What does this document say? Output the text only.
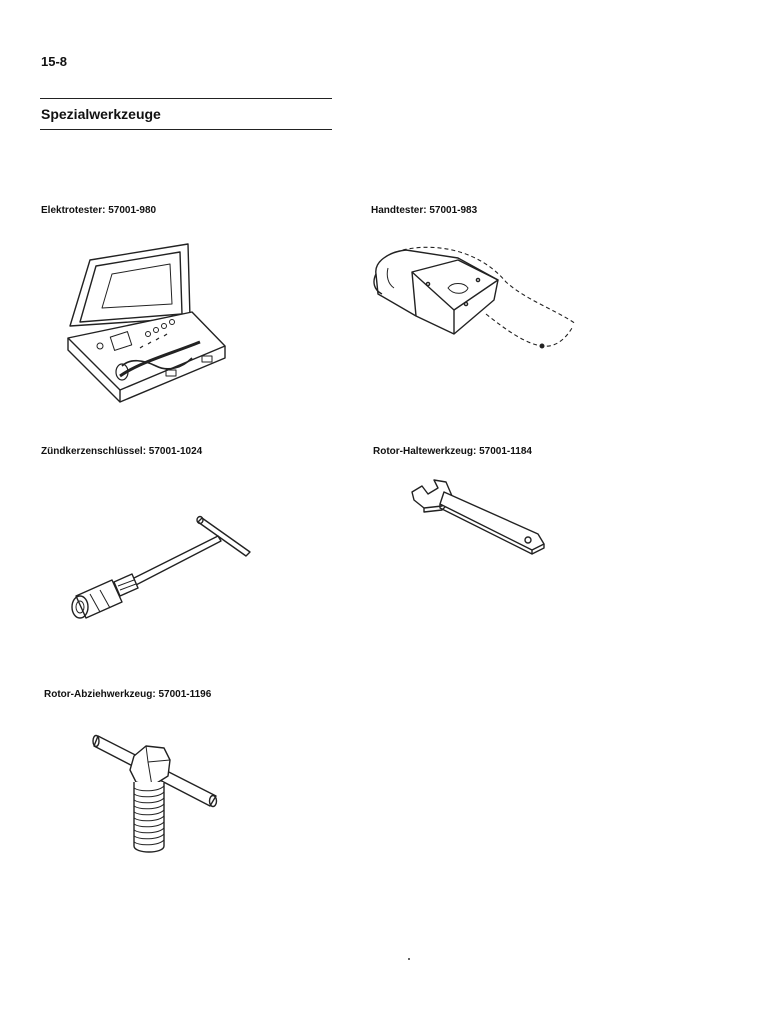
15-8
Spezialwerkzeuge
Elektrotester: 57001-980	Handtester: 57001-983
Zündkerzenschlüssel: 57001-1024	Rotor-Haltewerkzeug: 57001-1184
Rotor-Abziehwerkzeug: 57001-1196
